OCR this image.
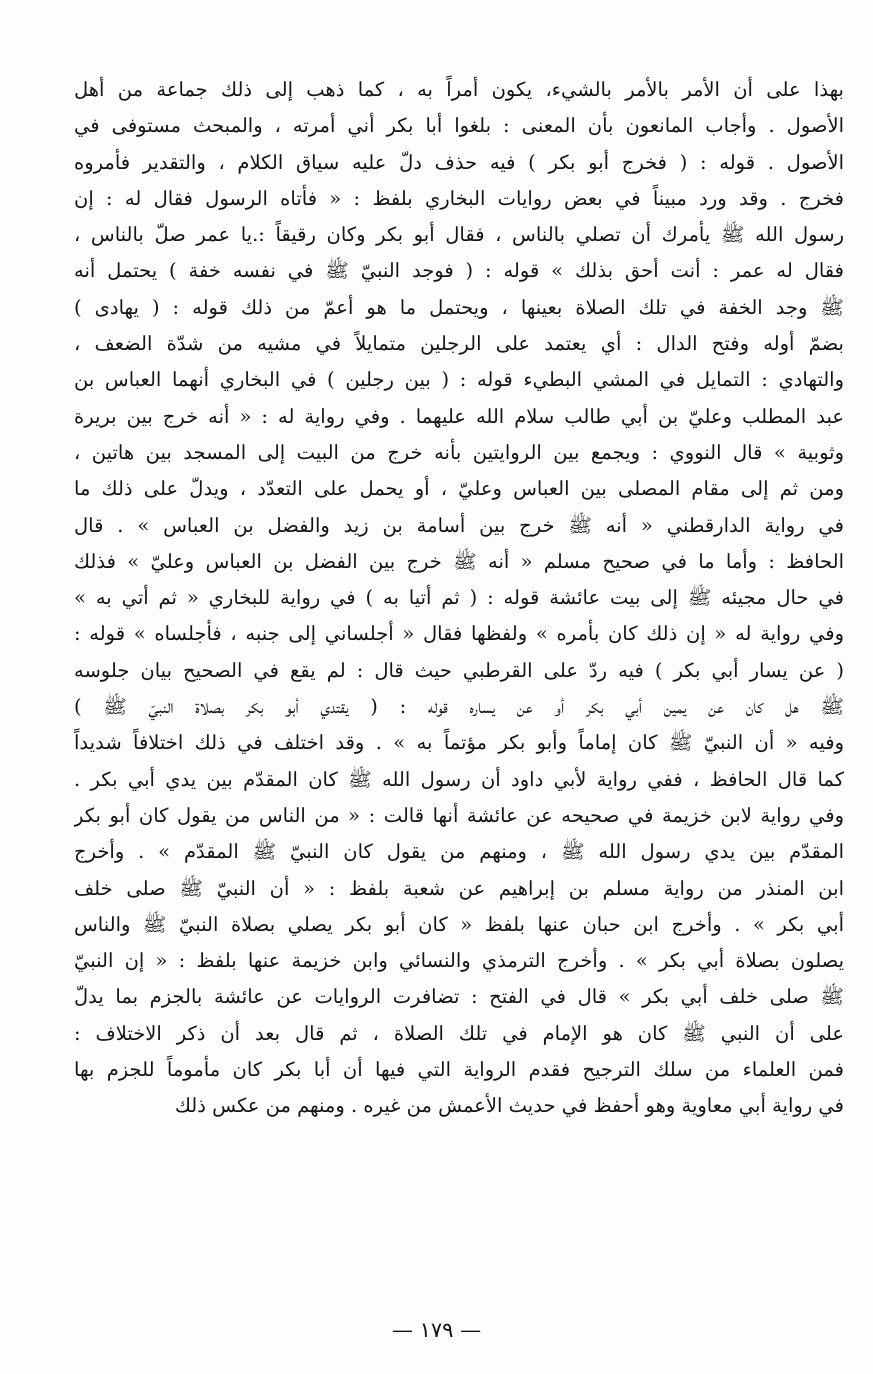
بهذا على أن الأمر بالأمر بالشيء، يكون أمراً به ، كما ذهب إلى ذلك جماعة من أهل
الأصول . وأجاب المانعون بأن المعنى : بلغوا أبا بكر أني أمرته ، والمبحث مستوفى في
الأصول . قوله : ( فخرج أبو بكر ) فيه حذف دلّ عليه سياق الكلام ، والتقدير فأمروه
فخرج . وقد ورد مبيناً في بعض روايات البخاري بلفظ : « فأتاه الرسول فقال له : إن
رسول الله ﷺ يأمرك أن تصلي بالناس ، فقال أبو بكر وكان رقيقاً :.يا عمر صلّ بالناس ،
فقال له عمر : أنت أحق بذلك » قوله : ( فوجد النبيّ ﷺ في نفسه خفة ) يحتمل أنه
ﷺ وجد الخفة في تلك الصلاة بعينها ، ويحتمل ما هو أعمّ من ذلك قوله : ( يهادى )
بضمّ أوله وفتح الدال : أي يعتمد على الرجلين متمايلاً في مشيه من شدّة الضعف ،
والتهادي : التمايل في المشي البطيء قوله : ( بين رجلين ) في البخاري أنهما العباس بن
عبد المطلب وعليّ بن أبي طالب سلام الله عليهما . وفي رواية له : « أنه خرج بين بريرة
وثوبية » قال النووي : ويجمع بين الروايتين بأنه خرج من البيت إلى المسجد بين هاتين ،
ومن ثم إلى مقام المصلى بين العباس وعليّ ، أو يحمل على التعدّد ، ويدلّ على ذلك ما
في رواية الدارقطني « أنه ﷺ خرج بين أسامة بن زيد والفضل بن العباس » . قال
الحافظ : وأما ما في صحيح مسلم « أنه ﷺ خرج بين الفضل بن العباس وعليّ » فذلك
في حال مجيئه ﷺ إلى بيت عائشة قوله : ( ثم أتيا به ) في رواية للبخاري « ثم أتي به »
وفي رواية له « إن ذلك كان بأمره » ولفظها فقال « أجلساني إلى جنبه ، فأجلساه » قوله :
( عن يسار أبي بكر ) فيه ردّ على القرطبي حيث قال : لم يقع في الصحيح بيان جلوسه
ﷺ هل كان عن يمين أبي بكر أو عن يساره قوله : ( يقتدي أبو بكر بصلاة النبيّ ﷺ )
وفيه « أن النبيّ ﷺ كان إماماً وأبو بكر مؤتماً به » . وقد اختلف في ذلك اختلافاً شديداً
كما قال الحافظ ، ففي رواية لأبي داود أن رسول الله ﷺ كان المقدّم بين يدي أبي بكر .
وفي رواية لابن خزيمة في صحيحه عن عائشة أنها قالت : « من الناس من يقول كان أبو بكر
المقدّم بين يدي رسول الله ﷺ ، ومنهم من يقول كان النبيّ ﷺ المقدّم » . وأخرج
ابن المنذر من رواية مسلم بن إبراهيم عن شعبة بلفظ : « أن النبيّ ﷺ صلى خلف
أبي بكر » . وأخرج ابن حبان عنها بلفظ « كان أبو بكر يصلي بصلاة النبيّ ﷺ والناس
يصلون بصلاة أبي بكر » . وأخرج الترمذي والنسائي وابن خزيمة عنها بلفظ : « إن النبيّ
ﷺ صلى خلف أبي بكر » قال في الفتح : تضافرت الروايات عن عائشة بالجزم بما يدلّ
على أن النبي ﷺ كان هو الإمام في تلك الصلاة ، ثم قال بعد أن ذكر الاختلاف :
فمن العلماء من سلك الترجيح فقدم الرواية التي فيها أن أبا بكر كان مأموماً للجزم بها
في رواية أبي معاوية وهو أحفظ في حديث الأعمش من غيره . ومنهم من عكس ذلك
— ١٧٩ —
